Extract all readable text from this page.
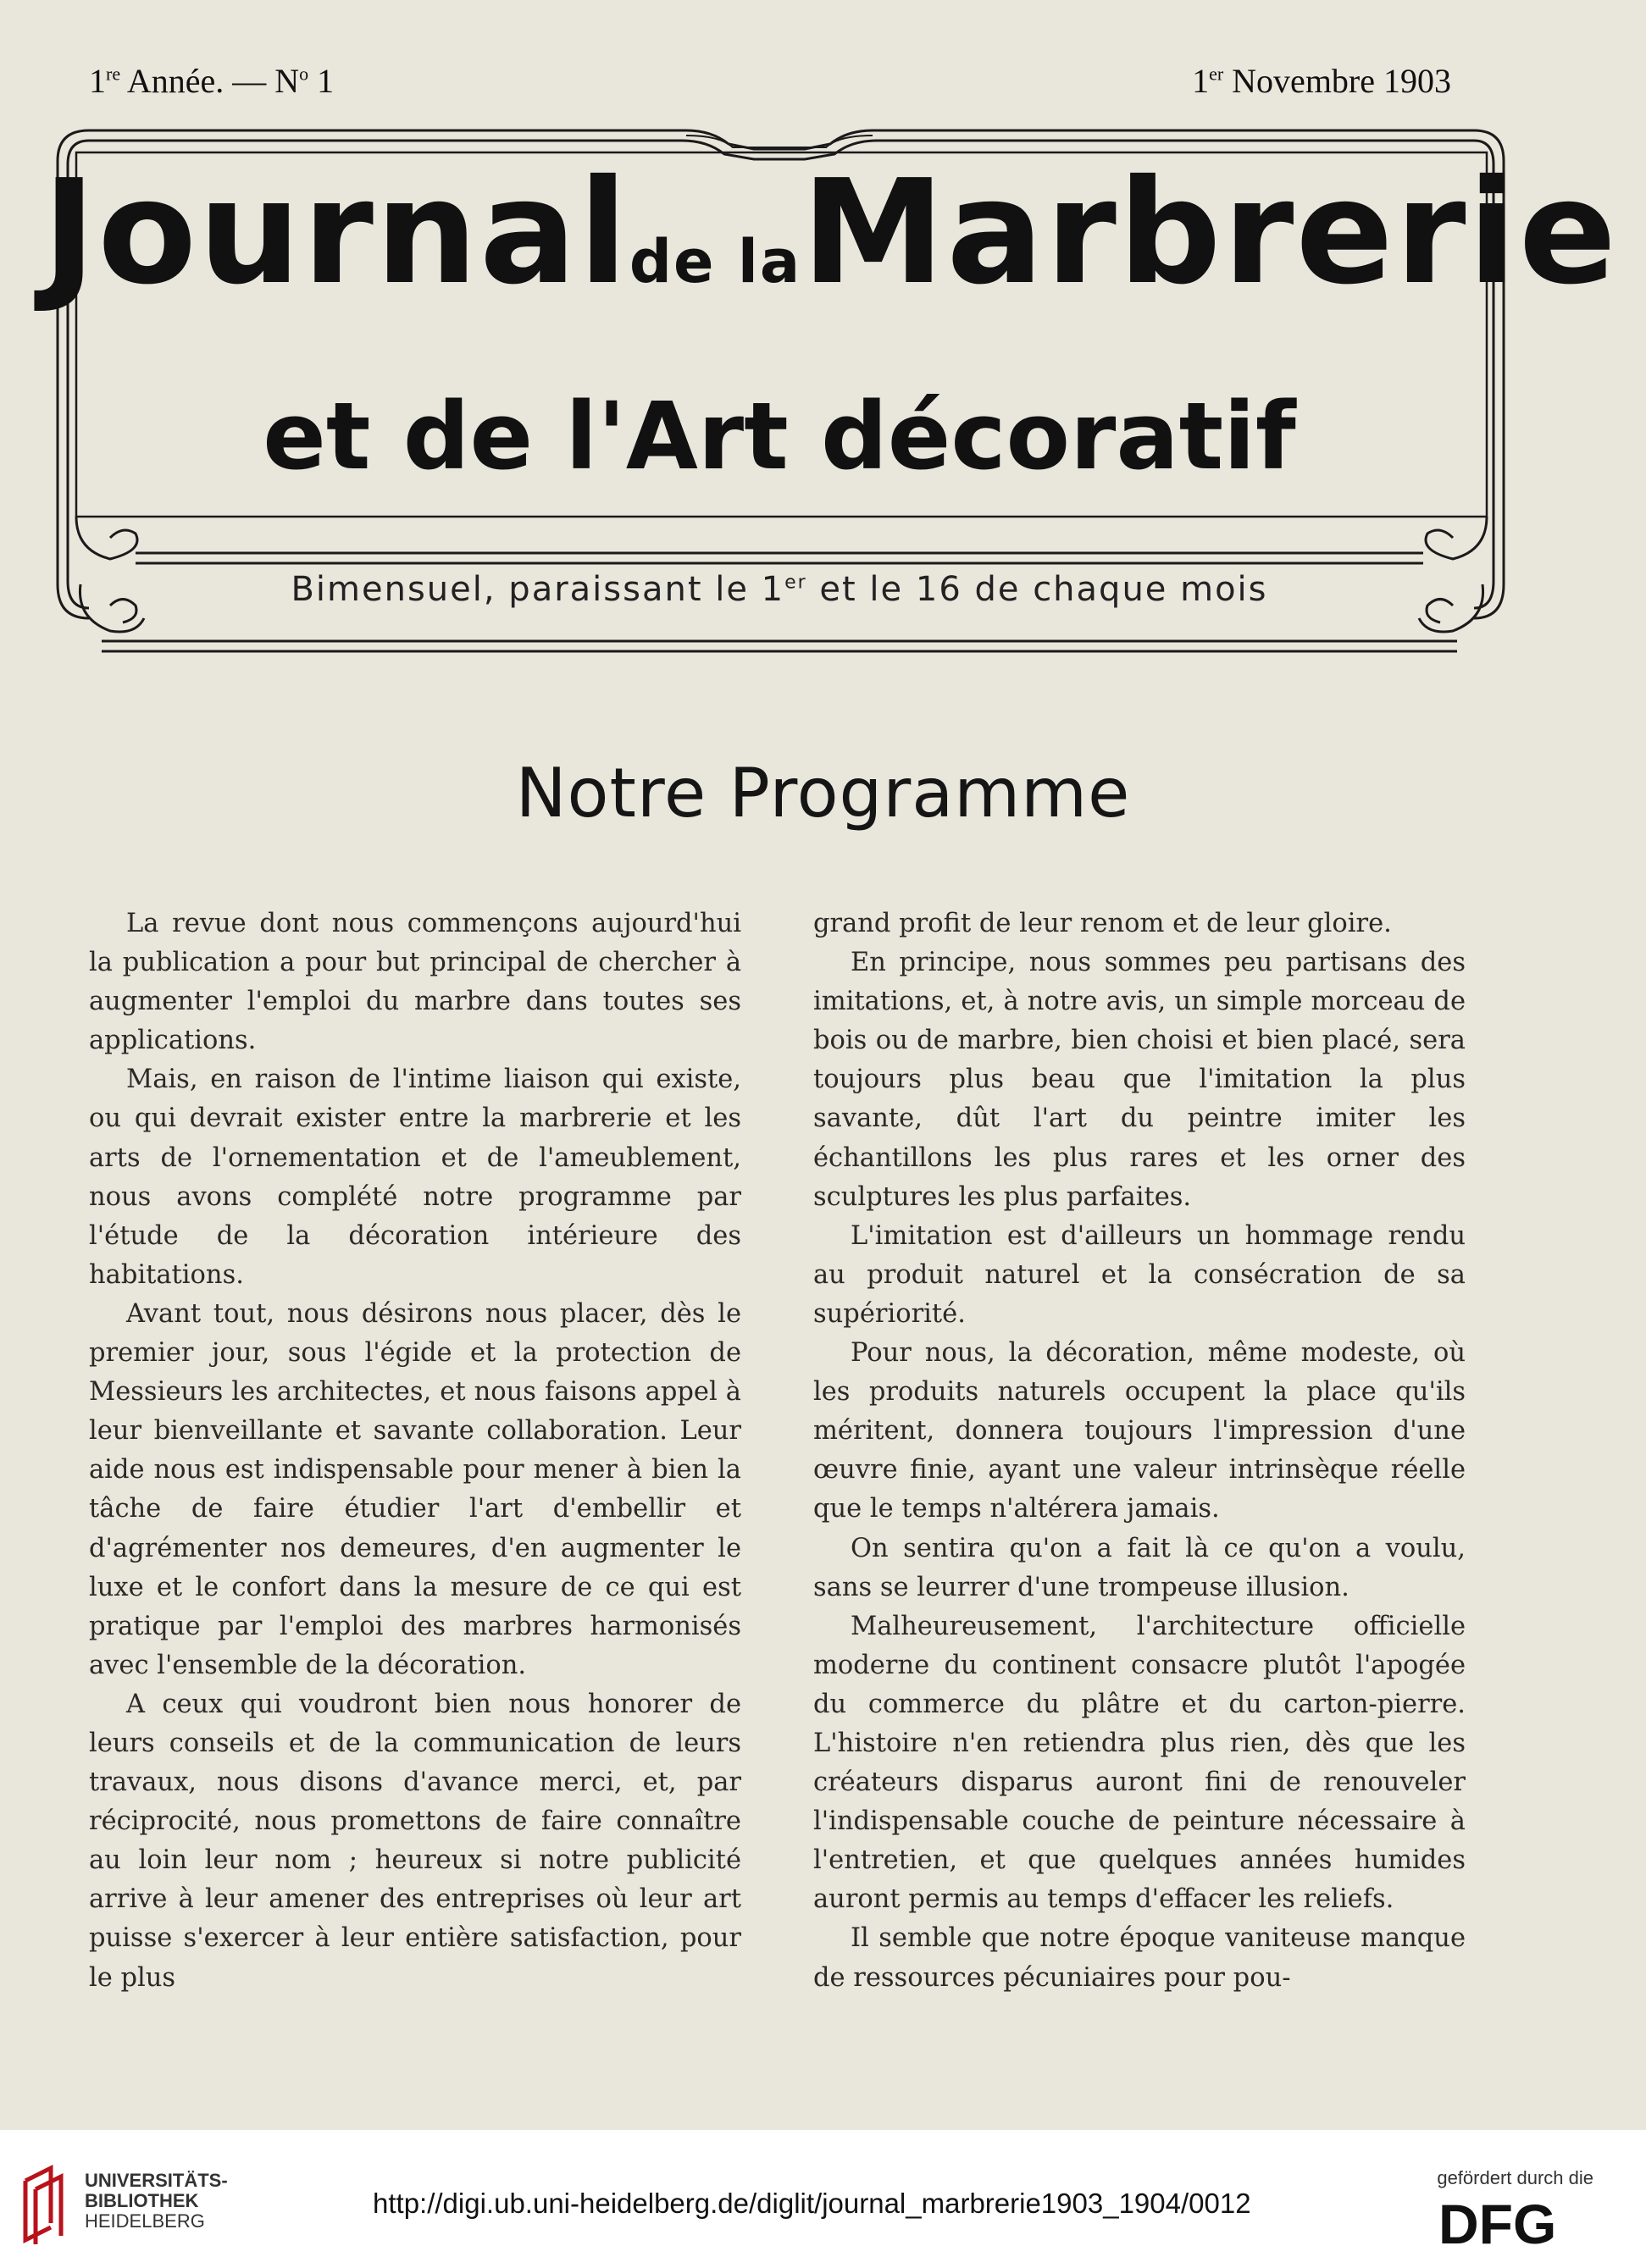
1re Année. — $N^o$ 1	1er Novembre 1903
Journalde laMarbrerie
et de l'Art décoratif
Bimensuel, paraissant le 1er et le 16 de chaque mois
Notre Programme

La revue dont nous commençons aujourd'hui la publication a pour but principal de chercher à augmenter l'emploi du marbre dans toutes ses applications.

Mais, en raison de l'intime liaison qui existe, ou qui devrait exister entre la marbrerie et les arts de l'ornementation et de l'ameublement, nous avons complété notre programme par l'étude de la décoration intérieure des habitations.

Avant tout, nous désirons nous placer, dès le premier jour, sous l'égide et la protection de Messieurs les architectes, et nous faisons appel à leur bienveillante et savante collaboration. Leur aide nous est indispensable pour mener à bien la tâche de faire étudier l'art d'embellir et d'agrémenter nos demeures, d'en augmenter le luxe et le confort dans la mesure de ce qui est pratique par l'emploi des marbres harmonisés avec l'ensemble de la décoration.

A ceux qui voudront bien nous honorer de leurs conseils et de la communication de leurs travaux, nous disons d'avance merci, et, par réciprocité, nous promettons de faire connaître au loin leur nom ; heureux si notre publicité arrive à leur amener des entreprises où leur art puisse s'exercer à leur entière satisfaction, pour le plus

grand profit de leur renom et de leur gloire.

En principe, nous sommes peu partisans des imitations, et, à notre avis, un simple morceau de bois ou de marbre, bien choisi et bien placé, sera toujours plus beau que l'imitation la plus savante, dût l'art du peintre imiter les échantillons les plus rares et les orner des sculptures les plus parfaites.

L'imitation est d'ailleurs un hommage rendu au produit naturel et la consécration de sa supériorité.

Pour nous, la décoration, même modeste, où les produits naturels occupent la place qu'ils méritent, donnera toujours l'impression d'une œuvre finie, ayant une valeur intrinsèque réelle que le temps n'altérera jamais.

On sentira qu'on a fait là ce qu'on a voulu, sans se leurrer d'une trompeuse illusion.

Malheureusement, l'architecture officielle moderne du continent consacre plutôt l'apogée du commerce du plâtre et du carton-pierre. L'histoire n'en retiendra plus rien, dès que les créateurs disparus auront fini de renouveler l'indispensable couche de peinture nécessaire à l'entretien, et que quelques années humides auront permis au temps d'effacer les reliefs.

Il semble que notre époque vaniteuse manque de ressources pécuniaires pour pou-

UNIVERSITÄTS-
BIBLIOTHEK
HEIDELBERG
http://digi.ub.uni-heidelberg.de/diglit/journal_marbrerie1903_1904/0012
gefördert durch die
DFG
